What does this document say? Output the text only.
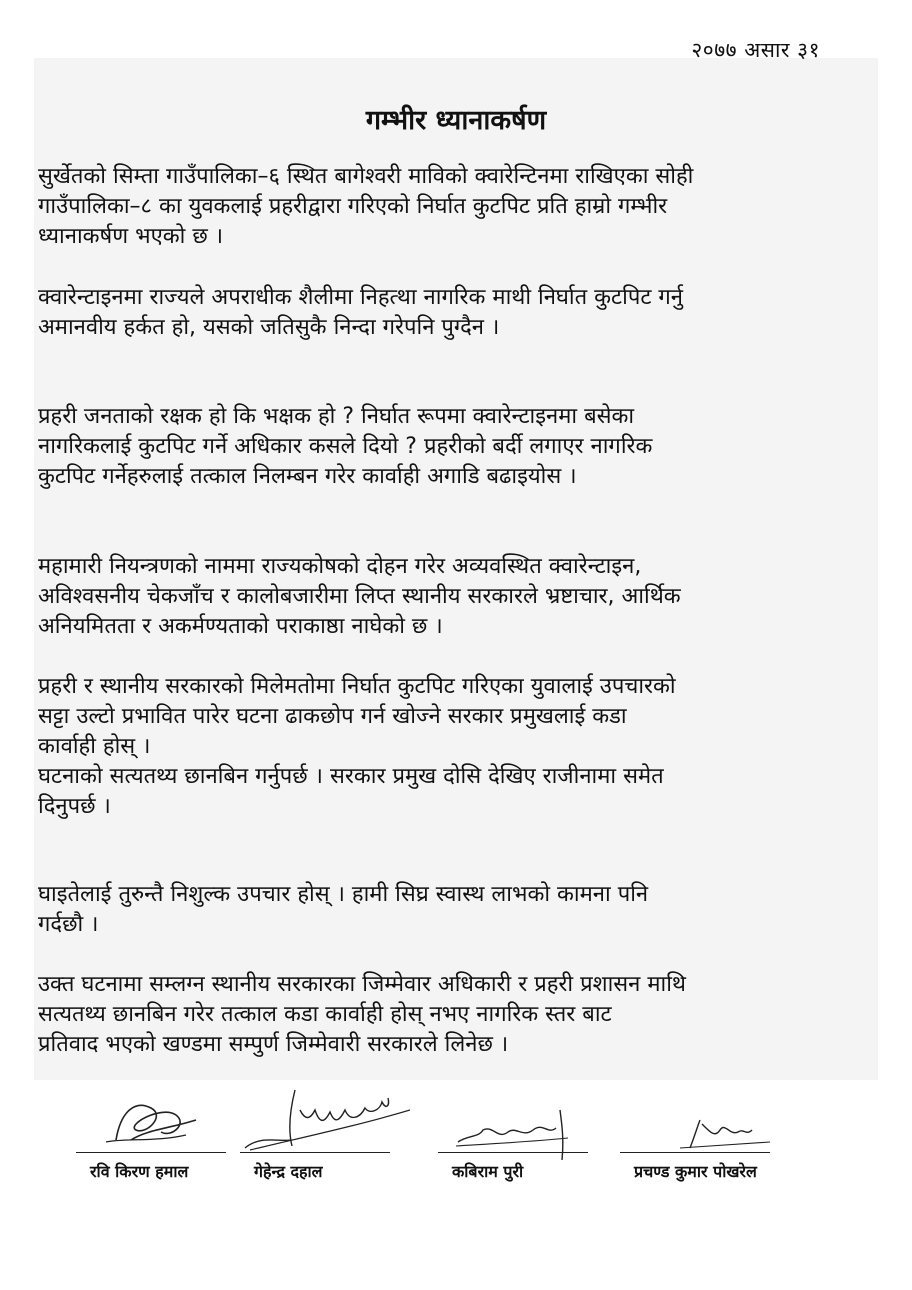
२०७७ असार ३१
गम्भीर ध्यानाकर्षण

सुर्खेतको सिम्ता गाउँपालिका–६ स्थित बागेश्वरी माविको क्वारेन्टिनमा राखिएका सोही
गाउँपालिका–८ का युवकलाई प्रहरीद्वारा गरिएको निर्घात कुटपिट प्रति हाम्रो गम्भीर
ध्यानाकर्षण भएको छ ।

क्वारेन्टाइनमा राज्यले अपराधीक शैलीमा निहत्था नागरिक माथी निर्घात कुटपिट गर्नु
अमानवीय हर्कत हो, यसको जतिसुकै निन्दा गरेपनि पुग्दैन ।

प्रहरी जनताको रक्षक हो कि भक्षक हो ? निर्घात रूपमा क्वारेन्टाइनमा बसेका
नागरिकलाई कुटपिट गर्ने अधिकार कसले दियो ? प्रहरीको बर्दी लगाएर नागरिक
कुटपिट गर्नेहरुलाई तत्काल निलम्बन गरेर कार्वाही अगाडि बढाइयोस ।

महामारी नियन्त्रणको नाममा राज्यकोषको दोहन गरेर अव्यवस्थित क्वारेन्टाइन,
अविश्वसनीय चेकजाँच र कालोबजारीमा लिप्त स्थानीय सरकारले भ्रष्टाचार, आर्थिक
अनियमितता र अकर्मण्यताको पराकाष्ठा नाघेको छ ।

प्रहरी र स्थानीय सरकारको मिलेमतोमा निर्घात कुटपिट गरिएका युवालाई उपचारको
सट्टा उल्टो प्रभावित पारेर घटना ढाकछोप गर्न खोज्ने सरकार प्रमुखलाई कडा
कार्वाही होस् ।
घटनाको सत्यतथ्य छानबिन गर्नुपर्छ । सरकार प्रमुख दोसि देखिए राजीनामा समेत
दिनुपर्छ ।

घाइतेलाई तुरुन्तै निशुल्क उपचार होस् । हामी सिघ्र स्वास्थ लाभको कामना पनि
गर्दछौ ।

उक्त घटनामा सम्लग्न स्थानीय सरकारका जिम्मेवार अधिकारी र प्रहरी प्रशासन माथि
सत्यतथ्य छानबिन गरेर तत्काल कडा कार्वाही होस् नभए नागरिक स्तर बाट
प्रतिवाद भएको खण्डमा सम्पुर्ण जिम्मेवारी सरकारले लिनेछ ।

रवि किरण हमाल	गेहेन्द्र दहाल	कबिराम पुरी	प्रचण्ड कुमार पोखरेल
